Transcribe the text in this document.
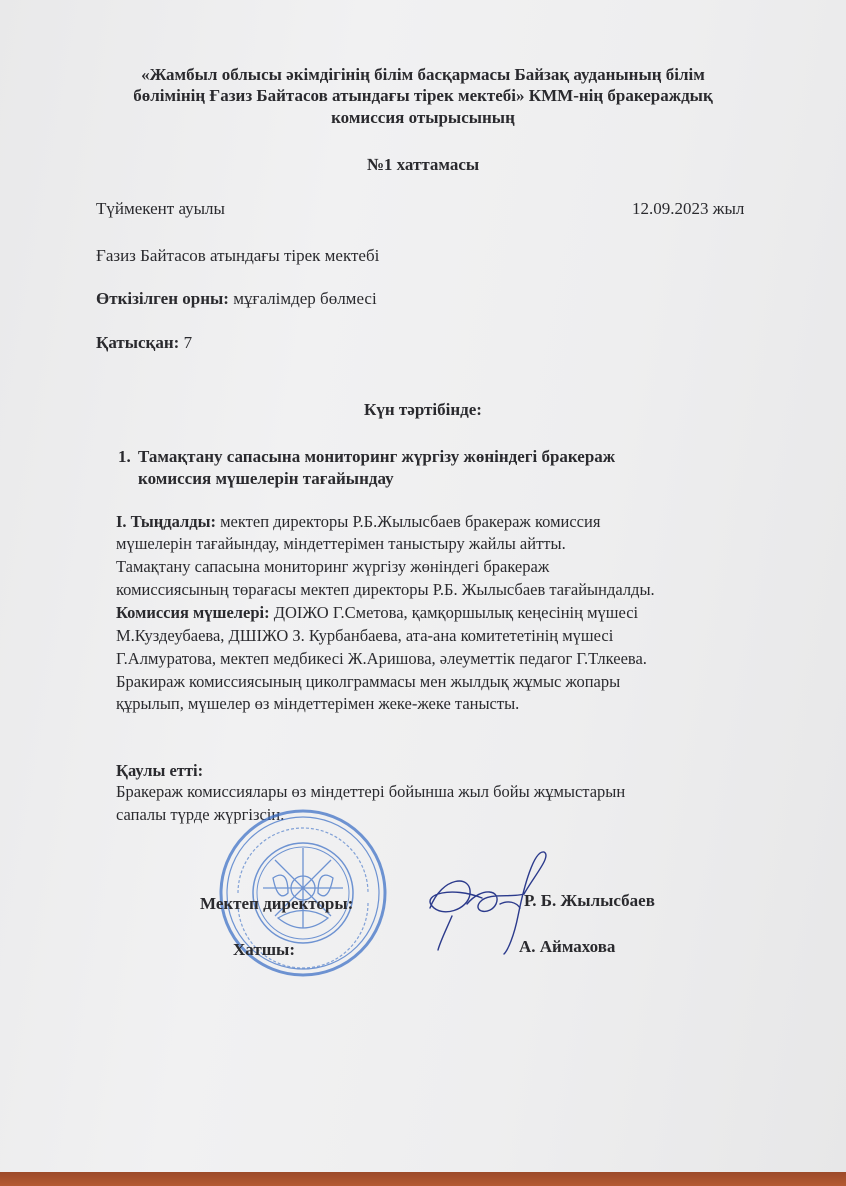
«Жамбыл облысы әкімдігінің білім басқармасы Байзақ ауданының білім
бөлімінің Ғазиз Байтасов атындағы тірек мектебі» КММ-нің бракераждық
комиссия отырысының
№1 хаттамасы
Түймекент ауылы	12.09.2023 жыл
Ғазиз Байтасов атындағы тірек мектебі
Өткізілген орны: мұғалімдер бөлмесі
Қатысқан: 7
Күн тәртібінде:
1. Тамақтану сапасына мониторинг жүргізу жөніндегі бракераж
комиссия мүшелерін тағайындау
І. Тыңдалды: мектеп директоры Р.Б.Жылысбаев бракераж комиссия
мүшелерін тағайындау, міндеттерімен таныстыру жайлы айтты.
Тамақтану сапасына мониторинг жүргізу жөніндегі бракераж
комиссиясының төрағасы мектеп директоры Р.Б. Жылысбаев тағайындалды.
Комиссия мүшелері: ДОІЖО Г.Сметова, қамқоршылық кеңесінің мүшесі
М.Куздеубаева, ДШІЖО З. Курбанбаева, ата-ана комитететінің мүшесі
Г.Алмуратова, мектеп медбикесі Ж.Аришова, әлеуметтік педагог Г.Тлкеева.
Бракираж комиссиясының циколграммасы мен жылдық жұмыс жопары
құрылып, мүшелер өз міндеттерімен жеке-жеке танысты.
Қаулы етті:
Бракераж комиссиялары өз міндеттері бойынша жыл бойы жұмыстарын
сапалы түрде жүргізсін.
Мектеп директоры:	Р. Б. Жылысбаев
Хатшы:	А. Аймахова
